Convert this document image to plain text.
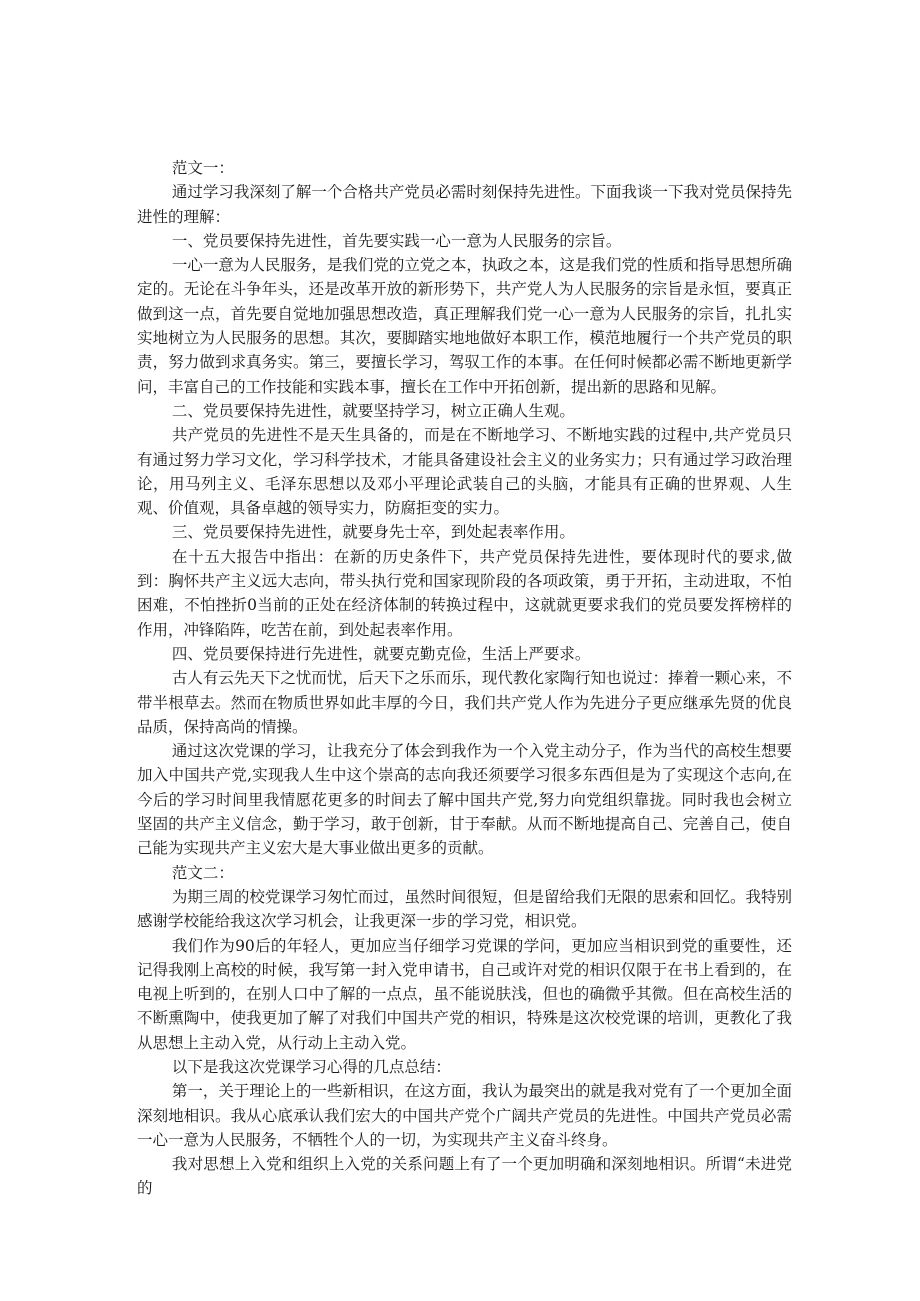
范文一：

通过学习我深刻了解一个合格共产党员必需时刻保持先进性。下面我谈一下我对党员保持先进性的理解：

一、党员要保持先进性，首先要实践一心一意为人民服务的宗旨。

一心一意为人民服务，是我们党的立党之本，执政之本，这是我们党的性质和指导思想所确定的。无论在斗争年头，还是改革开放的新形势下，共产党人为人民服务的宗旨是永恒，要真正做到这一点，首先要自觉地加强思想改造，真正理解我们党一心一意为人民服务的宗旨，扎扎实实地树立为人民服务的思想。其次，要脚踏实地地做好本职工作，模范地履行一个共产党员的职责，努力做到求真务实。第三，要擅长学习，驾驭工作的本事。在任何时候都必需不断地更新学问，丰富自己的工作技能和实践本事，擅长在工作中开拓创新，提出新的思路和见解。

二、党员要保持先进性，就要坚持学习，树立正确人生观。

共产党员的先进性不是天生具备的，而是在不断地学习、不断地实践的过程中,共产党员只有通过努力学习文化，学习科学技术，才能具备建设社会主义的业务实力；只有通过学习政治理论，用马列主义、毛泽东思想以及邓小平理论武装自己的头脑，才能具有正确的世界观、人生观、价值观，具备卓越的领导实力，防腐拒变的实力。

三、党员要保持先进性，就要身先士卒，到处起表率作用。

在十五大报告中指出：在新的历史条件下，共产党员保持先进性，要体现时代的要求,做到：胸怀共产主义远大志向，带头执行党和国家现阶段的各项政策，勇于开拓，主动进取，不怕困难，不怕挫折0当前的正处在经济体制的转换过程中，这就就更要求我们的党员要发挥榜样的作用，冲锋陷阵，吃苦在前，到处起表率作用。

四、党员要保持进行先进性，就要克勤克俭，生活上严要求。

古人有云先天下之忧而忧，后天下之乐而乐，现代教化家陶行知也说过：捧着一颗心来，不带半根草去。然而在物质世界如此丰厚的今日，我们共产党人作为先进分子更应继承先贤的优良品质，保持高尚的情操。

通过这次党课的学习，让我充分了体会到我作为一个入党主动分子，作为当代的高校生想要加入中国共产党,实现我人生中这个崇高的志向我还须要学习很多东西但是为了实现这个志向,在今后的学习时间里我情愿花更多的时间去了解中国共产党,努力向党组织靠拢。同时我也会树立坚固的共产主义信念，勤于学习，敢于创新，甘于奉献。从而不断地提高自己、完善自己，使自己能为实现共产主义宏大是大事业做出更多的贡献。

范文二：

为期三周的校党课学习匆忙而过，虽然时间很短，但是留给我们无限的思索和回忆。我特别感谢学校能给我这次学习机会，让我更深一步的学习党，相识党。

我们作为90后的年轻人，更加应当仔细学习党课的学问，更加应当相识到党的重要性，还记得我刚上高校的时候，我写第一封入党申请书，自己或许对党的相识仅限于在书上看到的，在电视上听到的，在别人口中了解的一点点，虽不能说肤浅，但也的确微乎其微。但在高校生活的不断熏陶中，使我更加了解了对我们中国共产党的相识，特殊是这次校党课的培训，更教化了我从思想上主动入党，从行动上主动入党。

以下是我这次党课学习心得的几点总结：

第一，关于理论上的一些新相识，在这方面，我认为最突出的就是我对党有了一个更加全面深刻地相识。我从心底承认我们宏大的中国共产党个广阔共产党员的先进性。中国共产党员必需一心一意为人民服务，不牺牲个人的一切，为实现共产主义奋斗终身。

我对思想上入党和组织上入党的关系问题上有了一个更加明确和深刻地相识。所谓“未进党的
